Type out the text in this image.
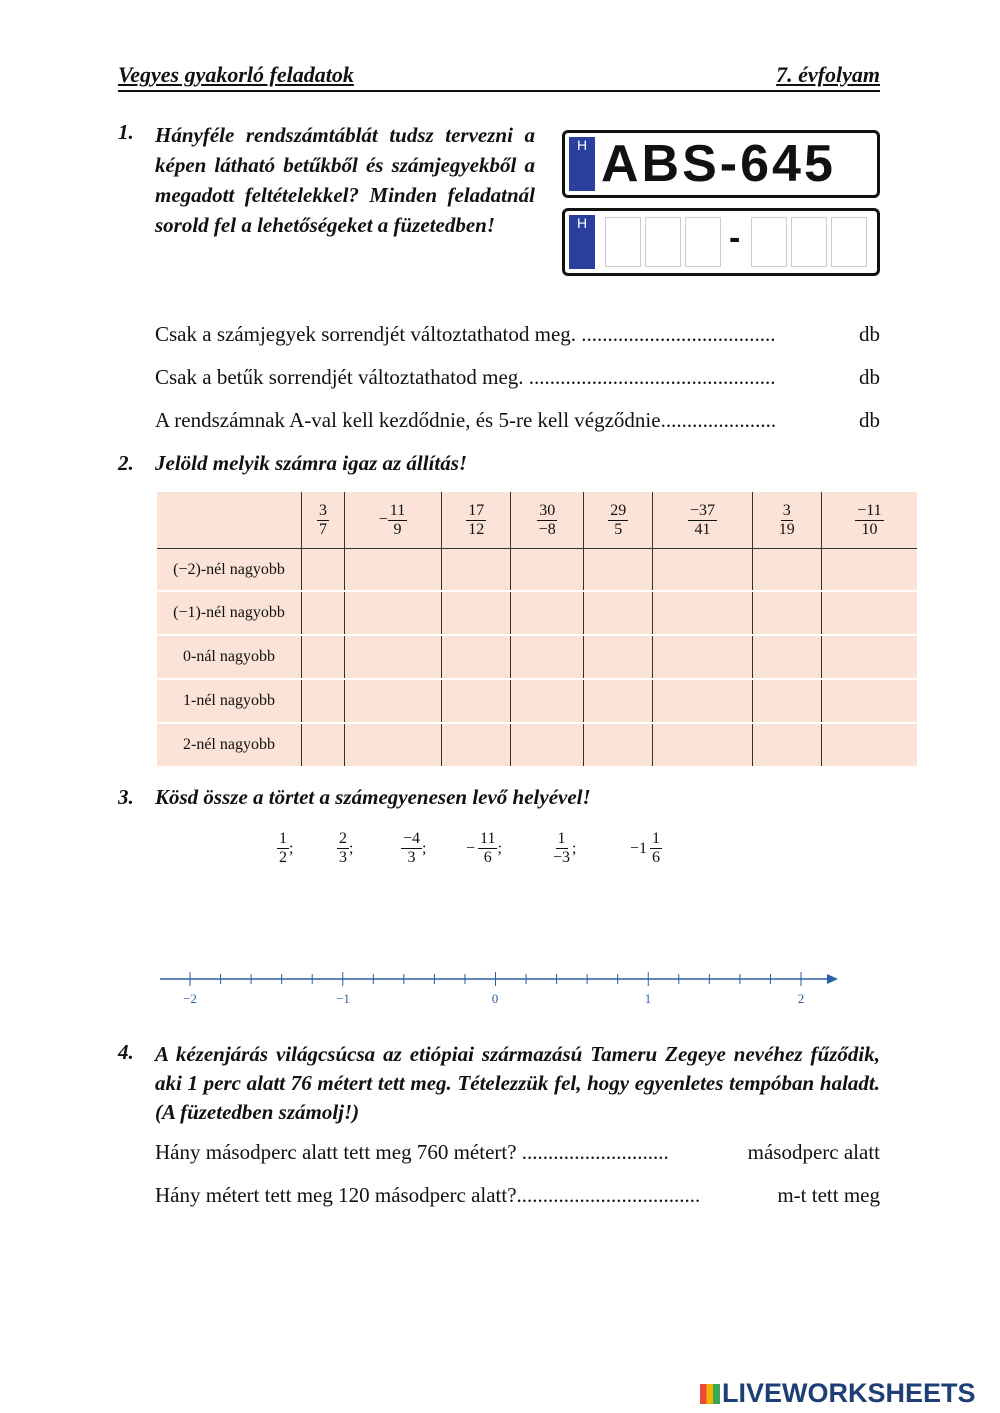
Vegyes gyakorló feladatok	7. évfolyam
1. Hányféle rendszámtáblát tudsz tervezni a képen látható betűkből és számjegyekből a megadott feltételekkel? Minden feladatnál sorold fel a lehetőségeket a füzetedben!
H ABS-645
H	-
Csak a számjegyek sorrendjét változtathatod meg. .....................................	db
Csak a betűk sorrendjét változtathatod meg. ...............................................	db
A rendszámnak A-val kell kezdődnie, és 5-re kell végződnie......................	db
2. Jelöld melyik számra igaz az állítás!

	$\frac{3}{7}$	− $\frac{11}{9}$	$\frac{17}{12}$	$\frac{30}{-8}$	$\frac{29}{5}$	$\frac{-37}{41}$	$\frac{3}{19}$	$\frac{-11}{10}$

(−2)-nél nagyobb								
(−1)-nél nagyobb								
0-nál nagyobb								
1-nél nagyobb								
2-nél nagyobb								
3. Kösd össze a törtet a számegyenesen levő helyével!
$\frac{1}{2}$ ;	$\frac{2}{3}$ ;	$\frac{-4}{3}$ ; − $\frac{11}{6}$ ;	$\frac{1}{-3}$ ;	$-1 \frac{1}{6}$
−2	−1	0	1	2
4. A kézenjárás világcsúcsa az etiópiai származású Tameru Zegeye nevéhez fűződik, aki 1 perc alatt 76 métert tett meg. Tételezzük fel, hogy egyenletes tempóban haladt. (A füzetedben számolj!)
Hány másodperc alatt tett meg 760 métert? ............................	másodperc alatt
Hány métert tett meg 120 másodperc alatt?...................................	m-t tett meg
LIVEWORKSHEETS
